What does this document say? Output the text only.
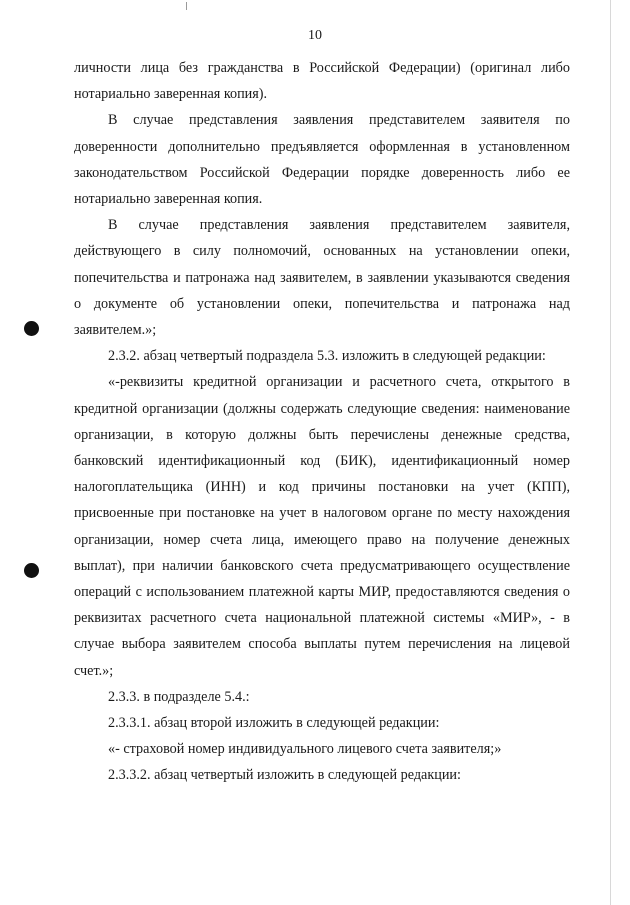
10

личности лица без гражданства в Российской Федерации) (оригинал либо нотариально заверенная копия).

В случае представления заявления представителем заявителя по доверенности дополнительно предъявляется оформленная в установленном законодательством Российской Федерации порядке доверенность либо ее нотариально заверенная копия.

В случае представления заявления представителем заявителя, действующего в силу полномочий, основанных на установлении опеки, попечительства и патронажа над заявителем, в заявлении указываются сведения о документе об установлении опеки, попечительства и патронажа над заявителем.»;

2.3.2. абзац четвертый подраздела 5.3. изложить в следующей редакции:

«-реквизиты кредитной организации и расчетного счета, открытого в кредитной организации (должны содержать следующие сведения: наименование организации, в которую должны быть перечислены денежные средства, банковский идентификационный код (БИК), идентификационный номер налогоплательщика (ИНН) и код причины постановки на учет (КПП), присвоенные при постановке на учет в налоговом органе по месту нахождения организации, номер счета лица, имеющего право на получение денежных выплат), при наличии банковского счета предусматривающего осуществление операций с использованием платежной карты МИР, предоставляются сведения о реквизитах расчетного счета национальной платежной системы «МИР», - в случае выбора заявителем способа выплаты путем перечисления на лицевой счет.»;

2.3.3. в подразделе 5.4.:

2.3.3.1. абзац второй изложить в следующей редакции:

«- страховой номер индивидуального лицевого счета заявителя;»

2.3.3.2. абзац четвертый изложить в следующей редакции:
